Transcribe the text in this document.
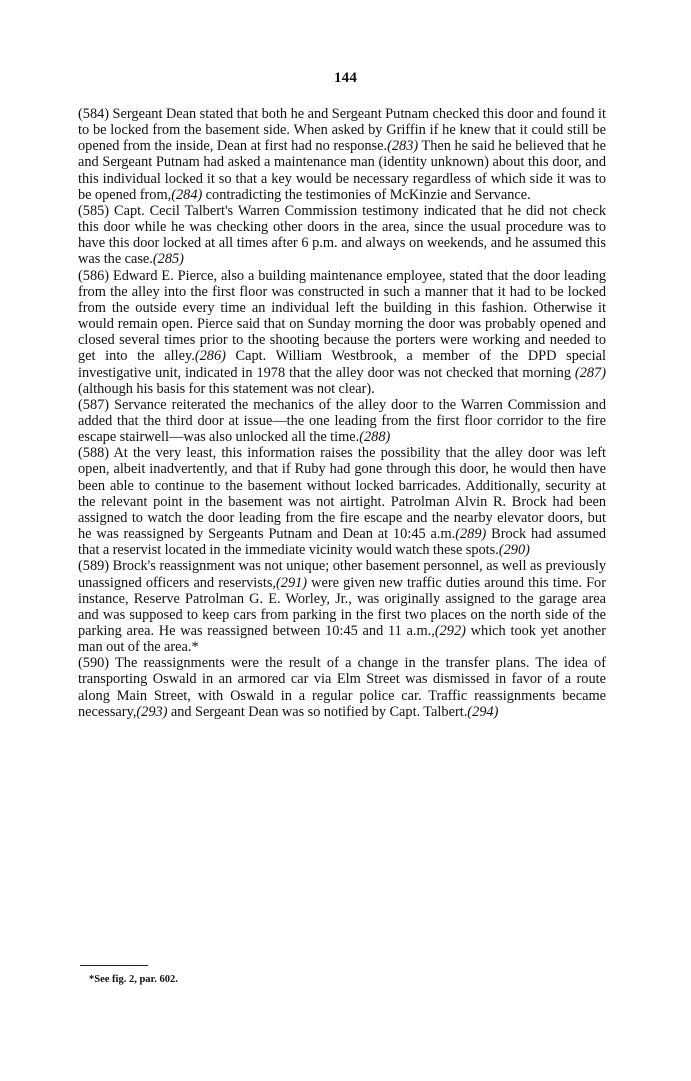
144

(584) Sergeant Dean stated that both he and Sergeant Putnam checked this door and found it to be locked from the basement side. When asked by Griffin if he knew that it could still be opened from the inside, Dean at first had no response.(283) Then he said he believed that he and Sergeant Putnam had asked a maintenance man (identity unknown) about this door, and this individual locked it so that a key would be necessary regardless of which side it was to be opened from,(284) contradicting the testimonies of McKinzie and Servance.

(585) Capt. Cecil Talbert's Warren Commission testimony indicated that he did not check this door while he was checking other doors in the area, since the usual procedure was to have this door locked at all times after 6 p.m. and always on weekends, and he assumed this was the case.(285)

(586) Edward E. Pierce, also a building maintenance employee, stated that the door leading from the alley into the first floor was constructed in such a manner that it had to be locked from the outside every time an individual left the building in this fashion. Otherwise it would remain open. Pierce said that on Sunday morning the door was probably opened and closed several times prior to the shooting because the porters were working and needed to get into the alley.(286) Capt. William Westbrook, a member of the DPD special investigative unit, indicated in 1978 that the alley door was not checked that morning (287) (although his basis for this statement was not clear).

(587) Servance reiterated the mechanics of the alley door to the Warren Commission and added that the third door at issue—the one leading from the first floor corridor to the fire escape stairwell—was also unlocked all the time.(288)

(588) At the very least, this information raises the possibility that the alley door was left open, albeit inadvertently, and that if Ruby had gone through this door, he would then have been able to continue to the basement without locked barricades. Additionally, security at the relevant point in the basement was not airtight. Patrolman Alvin R. Brock had been assigned to watch the door leading from the fire escape and the nearby elevator doors, but he was reassigned by Sergeants Putnam and Dean at 10:45 a.m.(289) Brock had assumed that a reservist located in the immediate vicinity would watch these spots.(290)

(589) Brock's reassignment was not unique; other basement personnel, as well as previously unassigned officers and reservists,(291) were given new traffic duties around this time. For instance, Reserve Patrolman G. E. Worley, Jr., was originally assigned to the garage area and was supposed to keep cars from parking in the first two places on the north side of the parking area. He was reassigned between 10:45 and 11 a.m.,(292) which took yet another man out of the area.*

(590) The reassignments were the result of a change in the transfer plans. The idea of transporting Oswald in an armored car via Elm Street was dismissed in favor of a route along Main Street, with Oswald in a regular police car. Traffic reassignments became necessary,(293) and Sergeant Dean was so notified by Capt. Talbert.(294)

*See fig. 2, par. 602.
